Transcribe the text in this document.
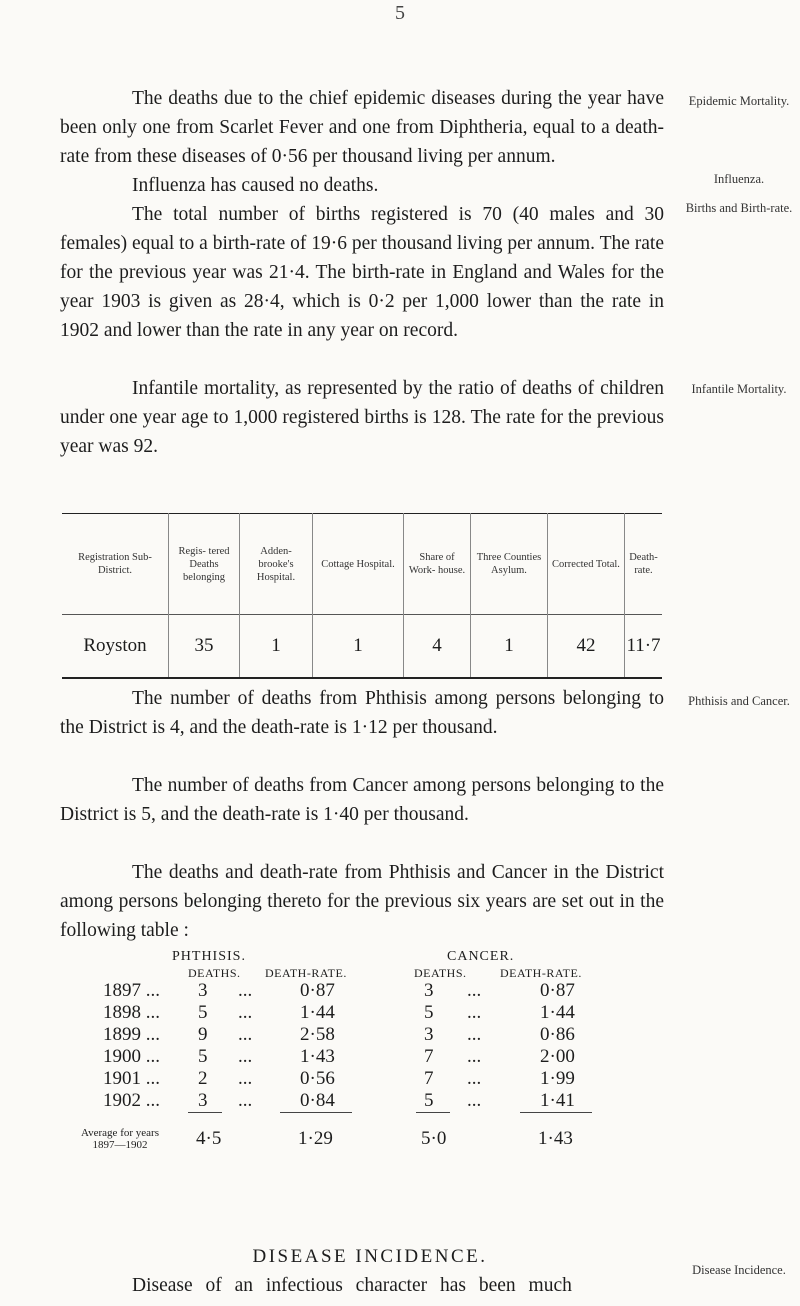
5

The deaths due to the chief epidemic diseases during the year have been only one from Scarlet Fever and one from Diphtheria, equal to a death-rate from these diseases of 0·56 per thousand living per annum.

Influenza has caused no deaths.

The total number of births registered is 70 (40 males and 30 females) equal to a birth-rate of 19·6 per thousand living per annum. The rate for the previous year was 21·4. The birth-rate in England and Wales for the year 1903 is given as 28·4, which is 0·2 per 1,000 lower than the rate in 1902 and lower than the rate in any year on record.

Infantile mortality, as represented by the ratio of deaths of children under one year age to 1,000 registered births is 128. The rate for the previous year was 92.

Epidemic Mortality.
Influenza.
Births and Birth-rate.
Infantile Mortality.
Phthisis and Cancer.
Disease Incidence.
Registration Sub-District.	Regis- tered Deaths belonging	Adden- brooke's Hospital.	Cottage Hospital.	Share of Work- house.	Three Counties Asylum.	Corrected Total.	Death- rate.
Royston	35	1	1	4	1	42	11·7

The number of deaths from Phthisis among persons belonging to the District is 4, and the death-rate is 1·12 per thousand.

The number of deaths from Cancer among persons belonging to the District is 5, and the death-rate is 1·40 per thousand.

The deaths and death-rate from Phthisis and Cancer in the District among persons belonging thereto for the previous six years are set out in the following table :

PHTHISIS.	CANCER.
DEATHS. DEATH-RATE.	DEATHS.	DEATH-RATE.
1897 ... 3 ...	0·87	3 ...	0·87
1898 ... 5 ...	1·44	5 ...	1·44
1899 ... 9 ...	2·58	3 ...	0·86
1900 ... 5 ...	1·43	7 ...	2·00
1901 ... 2 ...	0·56	7 ...	1·99
1902 ... 3 ...	0·84	5 ...	1·41
Average for years
1897—1902	4·5	1·29	5·0	1·43
DISEASE INCIDENCE.

Disease of an infectious character has been much
